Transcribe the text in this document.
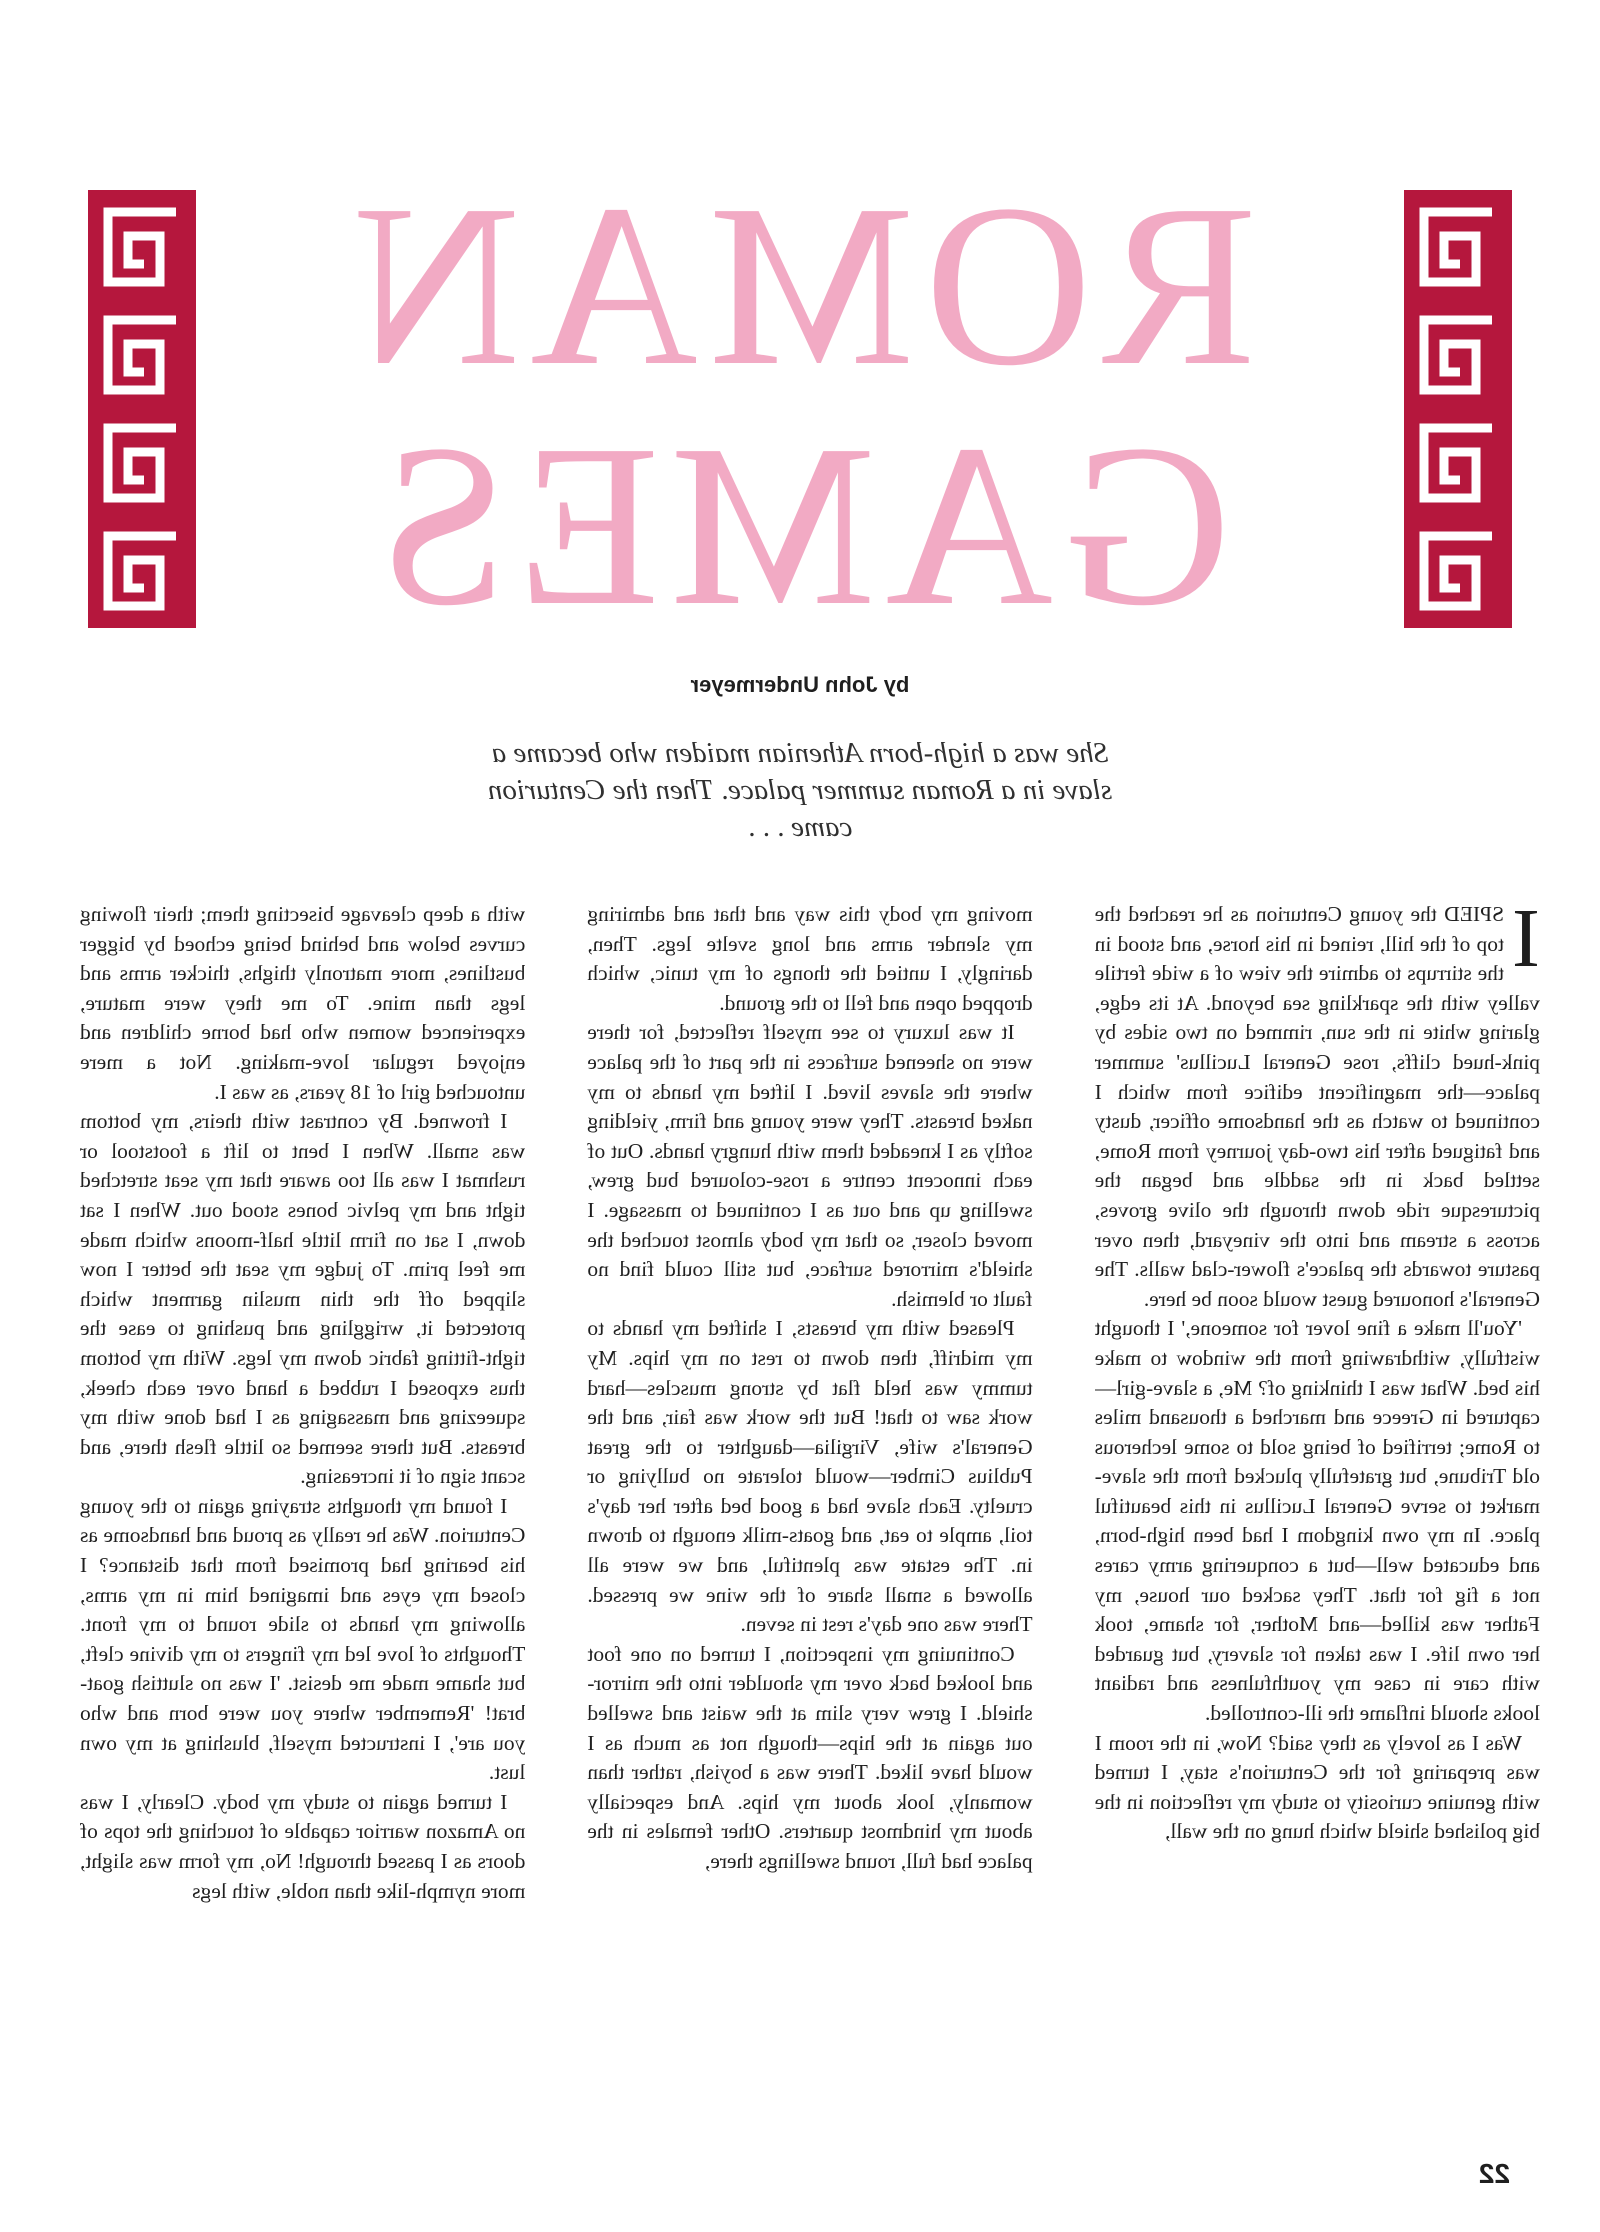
ROMAN
GAMES
by John Undermeyer
She was a high-born Athenian maiden who became a slave in a Roman summer palace. Then the Centurion came . . .

I
SPIED the young Centurion as he reached the top of the hill, reined in his horse, and stood in the stirrups to admire the view of a wide fertile valley with the sparkling sea beyond. At its edge, glaring white in the sun, rimmed on two sides by pink-hued cliffs, rose General Lucillus' summer palace—the magnificent edifice from which I continued to watch as the handsome officer, dusty and fatigued after his two-day journey from Rome, settled back in the saddle and began the picturesque ride down through the olive groves, across a stream and into the vineyard, then over pasture towards the palace's flower-clad walls. The General's honoured guest would soon be here.

'You'll make a fine lover for someone,' I thought wistfully, withdrawing from the window to make his bed. What was I thinking of? Me, a slave-girl—captured in Greece and marched a thousand miles to Rome; terrified of being sold to some lecherous old Tribune, but gratefully plucked from the slave-market to serve General Lucillus in this beautiful place. In my own kingdom I had been high-born, and educated well—but a conquering army cares not a fig for that. They sacked our house, my Father was killed—and Mother, for shame, took her own life. I was taken for slavery, but guarded with care in case my youthfulness and radiant looks should inflame the ill-controlled.

Was I as lovely as they said? Now, in the room I was preparing for the Centurion's stay, I turned with genuine curiosity to study my reflection in the big polished shield which hung on the wall,

moving my body this way and that and admiring my slender arms and long svelte legs. Then, daringly, I untied the thongs of my tunic, which dropped open and fell to the ground.

It was luxury to see myself reflected, for there were no sheened surfaces in the part of the palace where the slaves lived. I lifted my hands to my naked breasts. They were young and firm, yielding softly as I kneaded them with hungry hands. Out of each innocent centre a rose-coloured bud grew, swelling up and out as I continued to massage. I moved closer, so that my body almost touched the shield's mirrored surface, but still could find no fault or blemish.

Pleased with my breasts, I shifted my hands to my midriff, then down to rest on my hips. My tummy was held flat by strong muscles—hard work saw to that! But the work was fair, and the General's wife, Virgilia—daughter to the great Publius Cimber—would tolerate no bullying or cruelty. Each slave had a good bed after her day's toil, ample to eat, and goats-milk enough to drown in. The estate was plentiful, and we were all allowed a small share of the wine we pressed. There was one day's rest in seven.

Continuing my inspection, I turned on one foot and looked back over my shoulder into the mirror-shield. I grew very slim at the waist and swelled out again at the hips—though not as much as I would have liked. There was a boyish, rather than womanly, look about my hips. And especially about my hindmost quarters. Other females in the palace had full, round swellings there,

with a deep cleavage bisecting them; their flowing curves below and behind being echoed by bigger bustlines, more matronly thighs, thicker arms and legs than mine. To me they were mature, experienced women who had borne children and enjoyed regular love-making. Not a mere untouched girl of 18 years, as was I.

I frowned. By contrast with theirs, my bottom was small. When I bent to lift a footstool or rushmat I was all too aware that my seat stretched tight and my pelvic bones stood out. When I sat down, I sat on firm little half-moons which made me feel prim. To judge my seat the better I now slipped off the thin muslin garment which protected it, wriggling and pushing to ease the tight-fitting fabric down my legs. With my bottom thus exposed I rubbed a hand over each cheek, squeezing and massaging as I had done with my breasts. But there seemed so little flesh there, and scant sign of it increasing.

I found my thoughts straying again to the young Centurion. Was he really as proud and handsome as his bearing had promised from that distance? I closed my eyes and imagined him in my arms, allowing my hands to slide round to my front. Thoughts of love led my fingers to my divine cleft, but shame made me desist. 'I was no sluttish goat-brat! 'Remember where you were born and who you are', I instructed myself, blushing at my own lust.

I turned again to study my body. Clearly, I was no Amazon warrior capable of touching the tops of doors as I passed through! No, my form was slight, more nymph-like than noble, with legs

22
